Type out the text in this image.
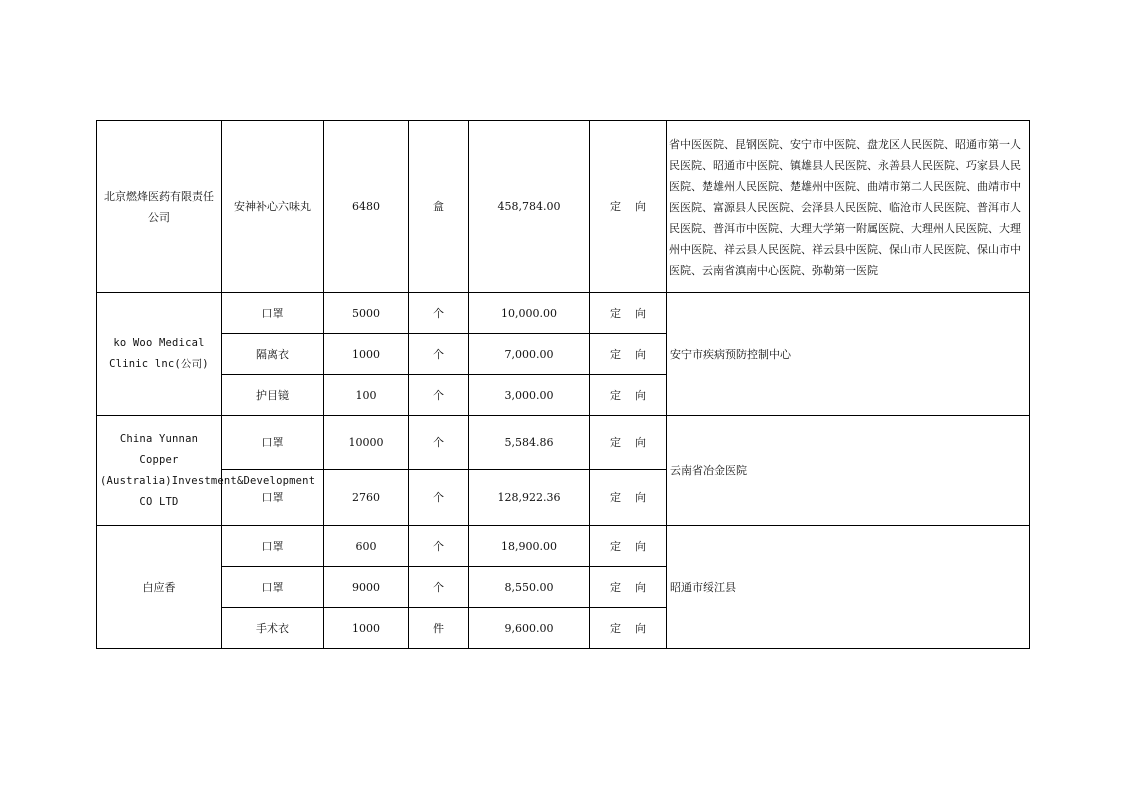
北京燃烽医药有限责任公司	安神补心六味丸	6480	盒	458,784.00	定向	省中医医院、昆钢医院、安宁市中医院、盘龙区人民医院、昭通市第一人民医院、昭通市中医院、镇雄县人民医院、永善县人民医院、巧家县人民医院、楚雄州人民医院、楚雄州中医院、曲靖市第二人民医院、曲靖市中医医院、富源县人民医院、会泽县人民医院、临沧市人民医院、普洱市人民医院、普洱市中医院、大理大学第一附属医院、大理州人民医院、大理州中医院、祥云县人民医院、祥云县中医院、保山市人民医院、保山市中医院、云南省滇南中心医院、弥勒第一医院
ko Woo Medical Clinic lnc(公司)	口罩	5000	个	10,000.00	定向	安宁市疾病预防控制中心
	隔离衣	1000	个	7,000.00	定向	
	护目镜	100	个	3,000.00	定向	
China Yunnan Copper (Australia)Investment&Development CO LTD	口罩	10000	个	5,584.86	定向	云南省冶金医院
	口罩	2760	个	128,922.36	定向	
白应香	口罩	600	个	18,900.00	定向	昭通市绥江县
	口罩	9000	个	8,550.00	定向	
	手术衣	1000	件	9,600.00	定向	
